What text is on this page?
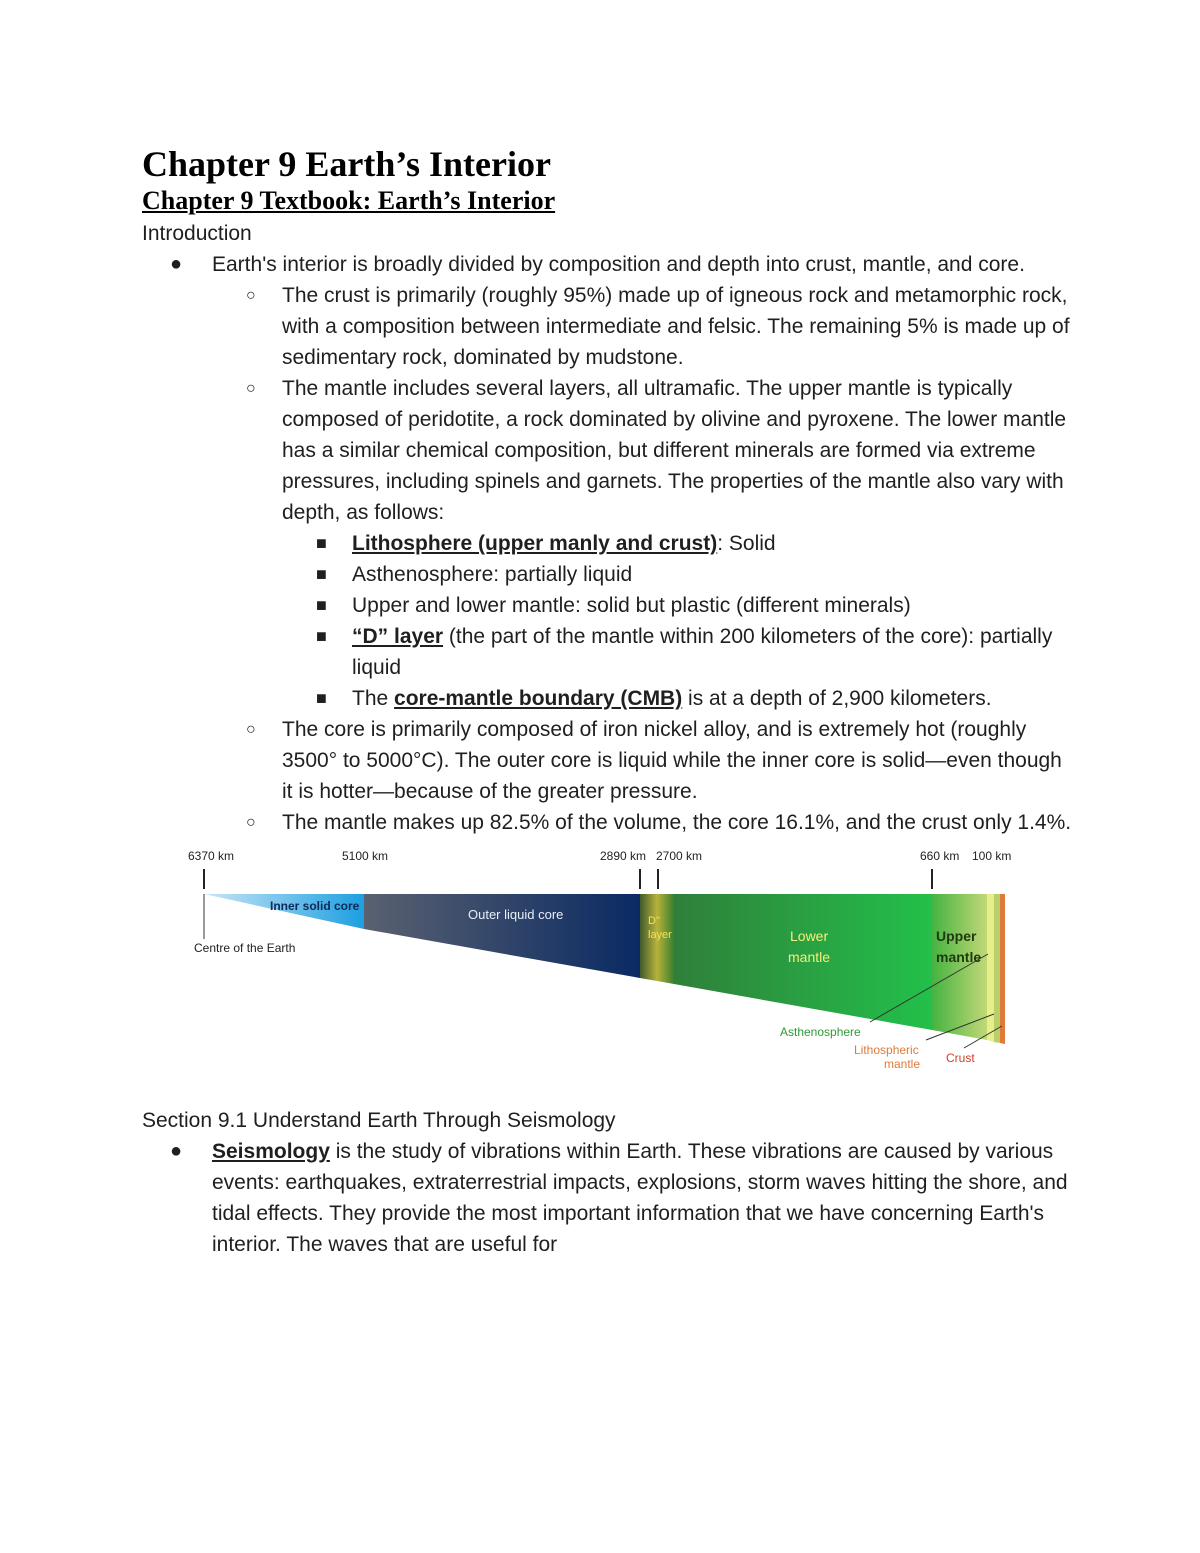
Chapter 9 Earth’s Interior
Chapter 9 Textbook: Earth’s Interior

Introduction

● Earth's interior is broadly divided by composition and depth into crust, mantle, and core.
○ The crust is primarily (roughly 95%) made up of igneous rock and metamorphic rock, with a composition between intermediate and felsic. The remaining 5% is made up of sedimentary rock, dominated by mudstone.
○ The mantle includes several layers, all ultramafic. The upper mantle is typically composed of peridotite, a rock dominated by olivine and pyroxene. The lower mantle has a similar chemical composition, but different minerals are formed via extreme pressures, including spinels and garnets. The properties of the mantle also vary with depth, as follows:
■ Lithosphere (upper manly and crust): Solid
■ Asthenosphere: partially liquid
■ Upper and lower mantle: solid but plastic (different minerals)
■ “D” layer (the part of the mantle within 200 kilometers of the core): partially liquid
■ The core-mantle boundary (CMB) is at a depth of 2,900 kilometers.
○ The core is primarily composed of iron nickel alloy, and is extremely hot (roughly 3500° to 5000°C). The outer core is liquid while the inner core is solid—even though it is hotter—because of the greater pressure.
○ The mantle makes up 82.5% of the volume, the core 16.1%, and the crust only 1.4%.
6370 km	5100 km	2890 km 2700 km	660 km 100 km
Inner solid core
Outer liquid core	D"
layer	Lower
mantle
Upper
mantle
Centre of the Earth
Asthenosphere
Lithospheric
mantle Crust

Section 9.1 Understand Earth Through Seismology

● Seismology is the study of vibrations within Earth. These vibrations are caused by various events: earthquakes, extraterrestrial impacts, explosions, storm waves hitting the shore, and tidal effects. They provide the most important information that we have concerning Earth's interior. The waves that are useful for
